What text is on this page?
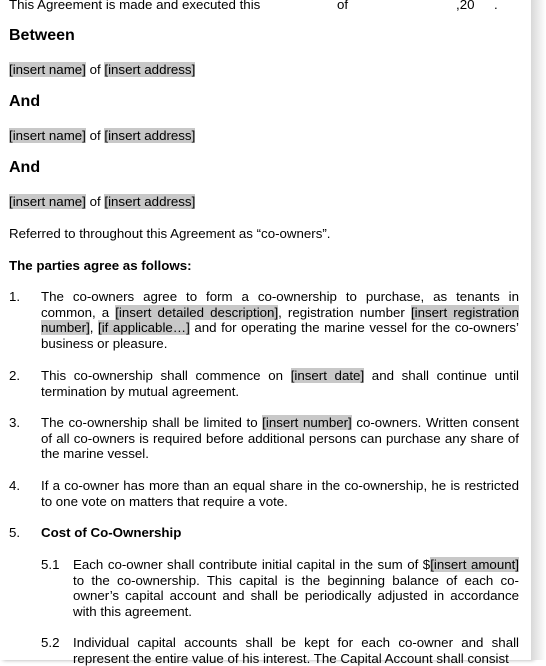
This Agreement is made and executed this	of	,20 .
Between
[insert name] of [insert address]
And
[insert name] of [insert address]
And
[insert name] of [insert address]
Referred to throughout this Agreement as “co-owners”.
The parties agree as follows:
1. The co-owners agree to form a co-ownership to purchase, as tenants in common, a [insert detailed description], registration number [insert registration number], [if applicable…] and for operating the marine vessel for the co-owners’ business or pleasure.
2. This co-ownership shall commence on [insert date] and shall continue until termination by mutual agreement.
3. The co-ownership shall be limited to [insert number] co-owners. Written consent of all co-owners is required before additional persons can purchase any share of the marine vessel.
4. If a co-owner has more than an equal share in the co-ownership, he is restricted to one vote on matters that require a vote.
5. Cost of Co-Ownership
5.1 Each co-owner shall contribute initial capital in the sum of $[insert amount] to the co-ownership. This capital is the beginning balance of each co-owner’s capital account and shall be periodically adjusted in accordance with this agreement.
5.2 Individual capital accounts shall be kept for each co-owner and shall represent the entire value of his interest. The Capital Account shall consist
